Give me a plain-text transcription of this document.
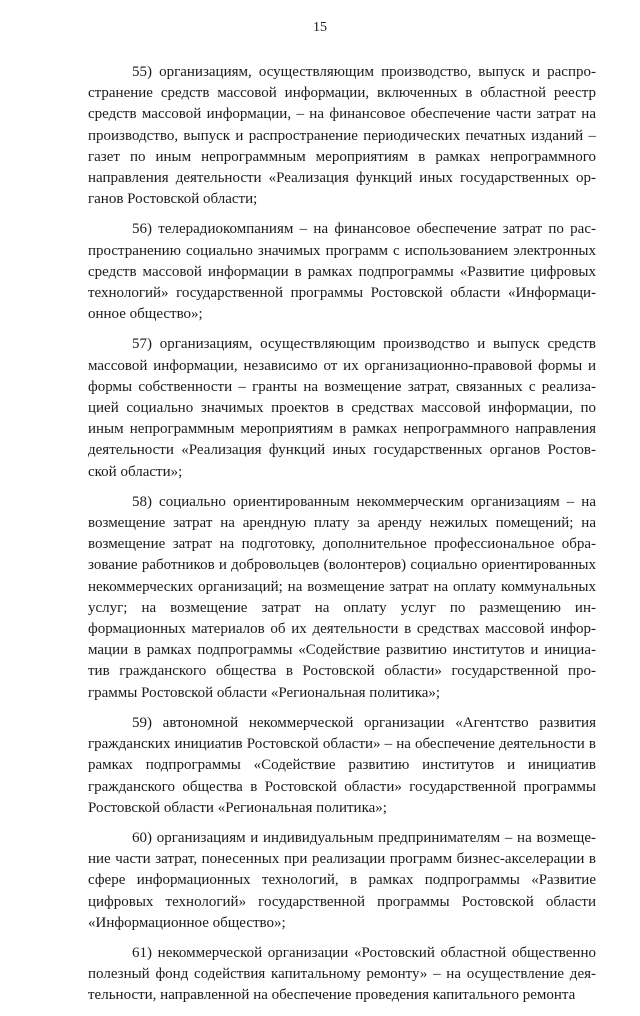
15

55) организациям, осуществляющим производство, выпуск и распространение средств массовой информации, включенных в областной реестр средств массовой информации, – на финансовое обеспечение части затрат на производство, выпуск и распространение периодических печатных изданий – газет по иным непрограммным мероприятиям в рамках непрограммного направления деятельности «Реализация функций иных государственных органов Ростовской области;

56) телерадиокомпаниям – на финансовое обеспечение затрат по распространению социально значимых программ с использованием электронных средств массовой информации в рамках подпрограммы «Развитие цифровых технологий» государственной программы Ростовской области «Информационное общество»;

57) организациям, осуществляющим производство и выпуск средств массовой информации, независимо от их организационно-правовой формы и формы собственности – гранты на возмещение затрат, связанных с реализацией социально значимых проектов в средствах массовой информации, по иным непрограммным мероприятиям в рамках непрограммного направления деятельности «Реализация функций иных государственных органов Ростовской области»;

58) социально ориентированным некоммерческим организациям – на возмещение затрат на арендную плату за аренду нежилых помещений; на возмещение затрат на подготовку, дополнительное профессиональное образование работников и добровольцев (волонтеров) социально ориентированных некоммерческих организаций; на возмещение затрат на оплату коммунальных услуг; на возмещение затрат на оплату услуг по размещению информационных материалов об их деятельности в средствах массовой информации в рамках подпрограммы «Содействие развитию институтов и инициатив гражданского общества в Ростовской области» государственной программы Ростовской области «Региональная политика»;

59) автономной некоммерческой организации «Агентство развития гражданских инициатив Ростовской области» – на обеспечение деятельности в рамках подпрограммы «Содействие развитию институтов и инициатив гражданского общества в Ростовской области» государственной программы Ростовской области «Региональная политика»;

60) организациям и индивидуальным предпринимателям – на возмещение части затрат, понесенных при реализации программ бизнес-акселерации в сфере информационных технологий, в рамках подпрограммы «Развитие цифровых технологий» государственной программы Ростовской области «Информационное общество»;

61) некоммерческой организации «Ростовский областной общественно полезный фонд содействия капитальному ремонту» – на осуществление деятельности, направленной на обеспечение проведения капитального ремонта
